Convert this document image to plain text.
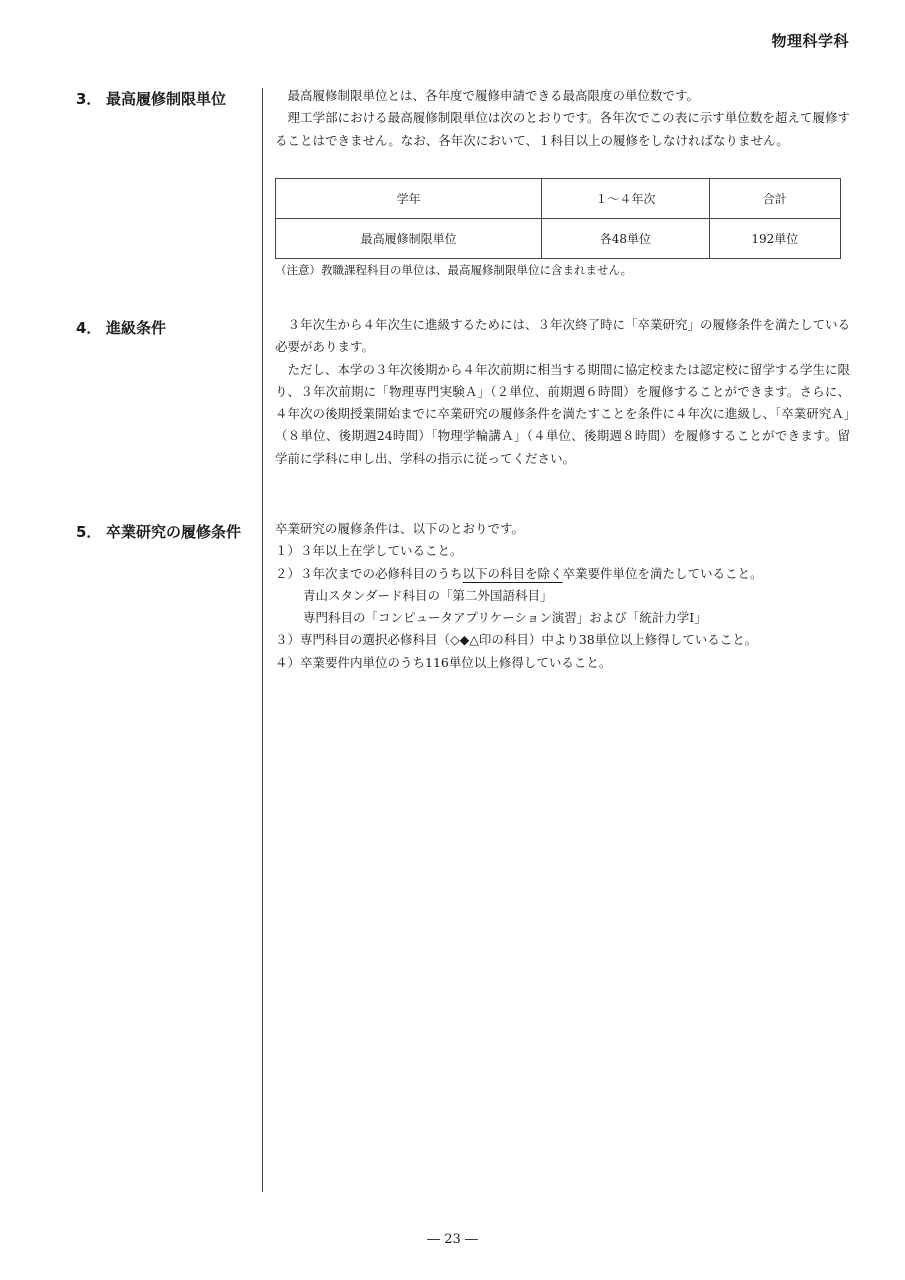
物理科学科
3． 最高履修制限単位	最高履修制限単位とは、各年度で履修申請できる最高限度の単位数です。

理工学部における最高履修制限単位は次のとおりです。各年次でこの表に示す単位数を超えて履修することはできません。なお、各年次において、１科目以上の履修をしなければなりません。

学年	１～４年次	合計
最高履修制限単位	各48単位	192単位
（注意）教職課程科目の単位は、最高履修制限単位に含まれません。
4． 進級条件	３年次生から４年次生に進級するためには、３年次終了時に「卒業研究」の履修条件を満たしている必要があります。

ただし、本学の３年次後期から４年次前期に相当する期間に協定校または認定校に留学する学生に限り、３年次前期に「物理専門実験Ａ」（２単位、前期週６時間）を履修することができます。さらに、４年次の後期授業開始までに卒業研究の履修条件を満たすことを条件に４年次に進級し、「卒業研究Ａ」（８単位、後期週24時間）「物理学輪講Ａ」（４単位、後期週８時間）を履修することができます。留学前に学科に申し出、学科の指示に従ってください。

5． 卒業研究の履修条件	卒業研究の履修条件は、以下のとおりです。

１）３年以上在学していること。

２）３年次までの必修科目のうち以下の科目を除く卒業要件単位を満たしていること。

青山スタンダード科目の「第二外国語科目」

専門科目の「コンピュータアプリケーション演習」および「統計力学Ⅰ」

３）専門科目の選択必修科目（◇◆△印の科目）中より38単位以上修得していること。

４）卒業要件内単位のうち116単位以上修得していること。

― 23 ―
